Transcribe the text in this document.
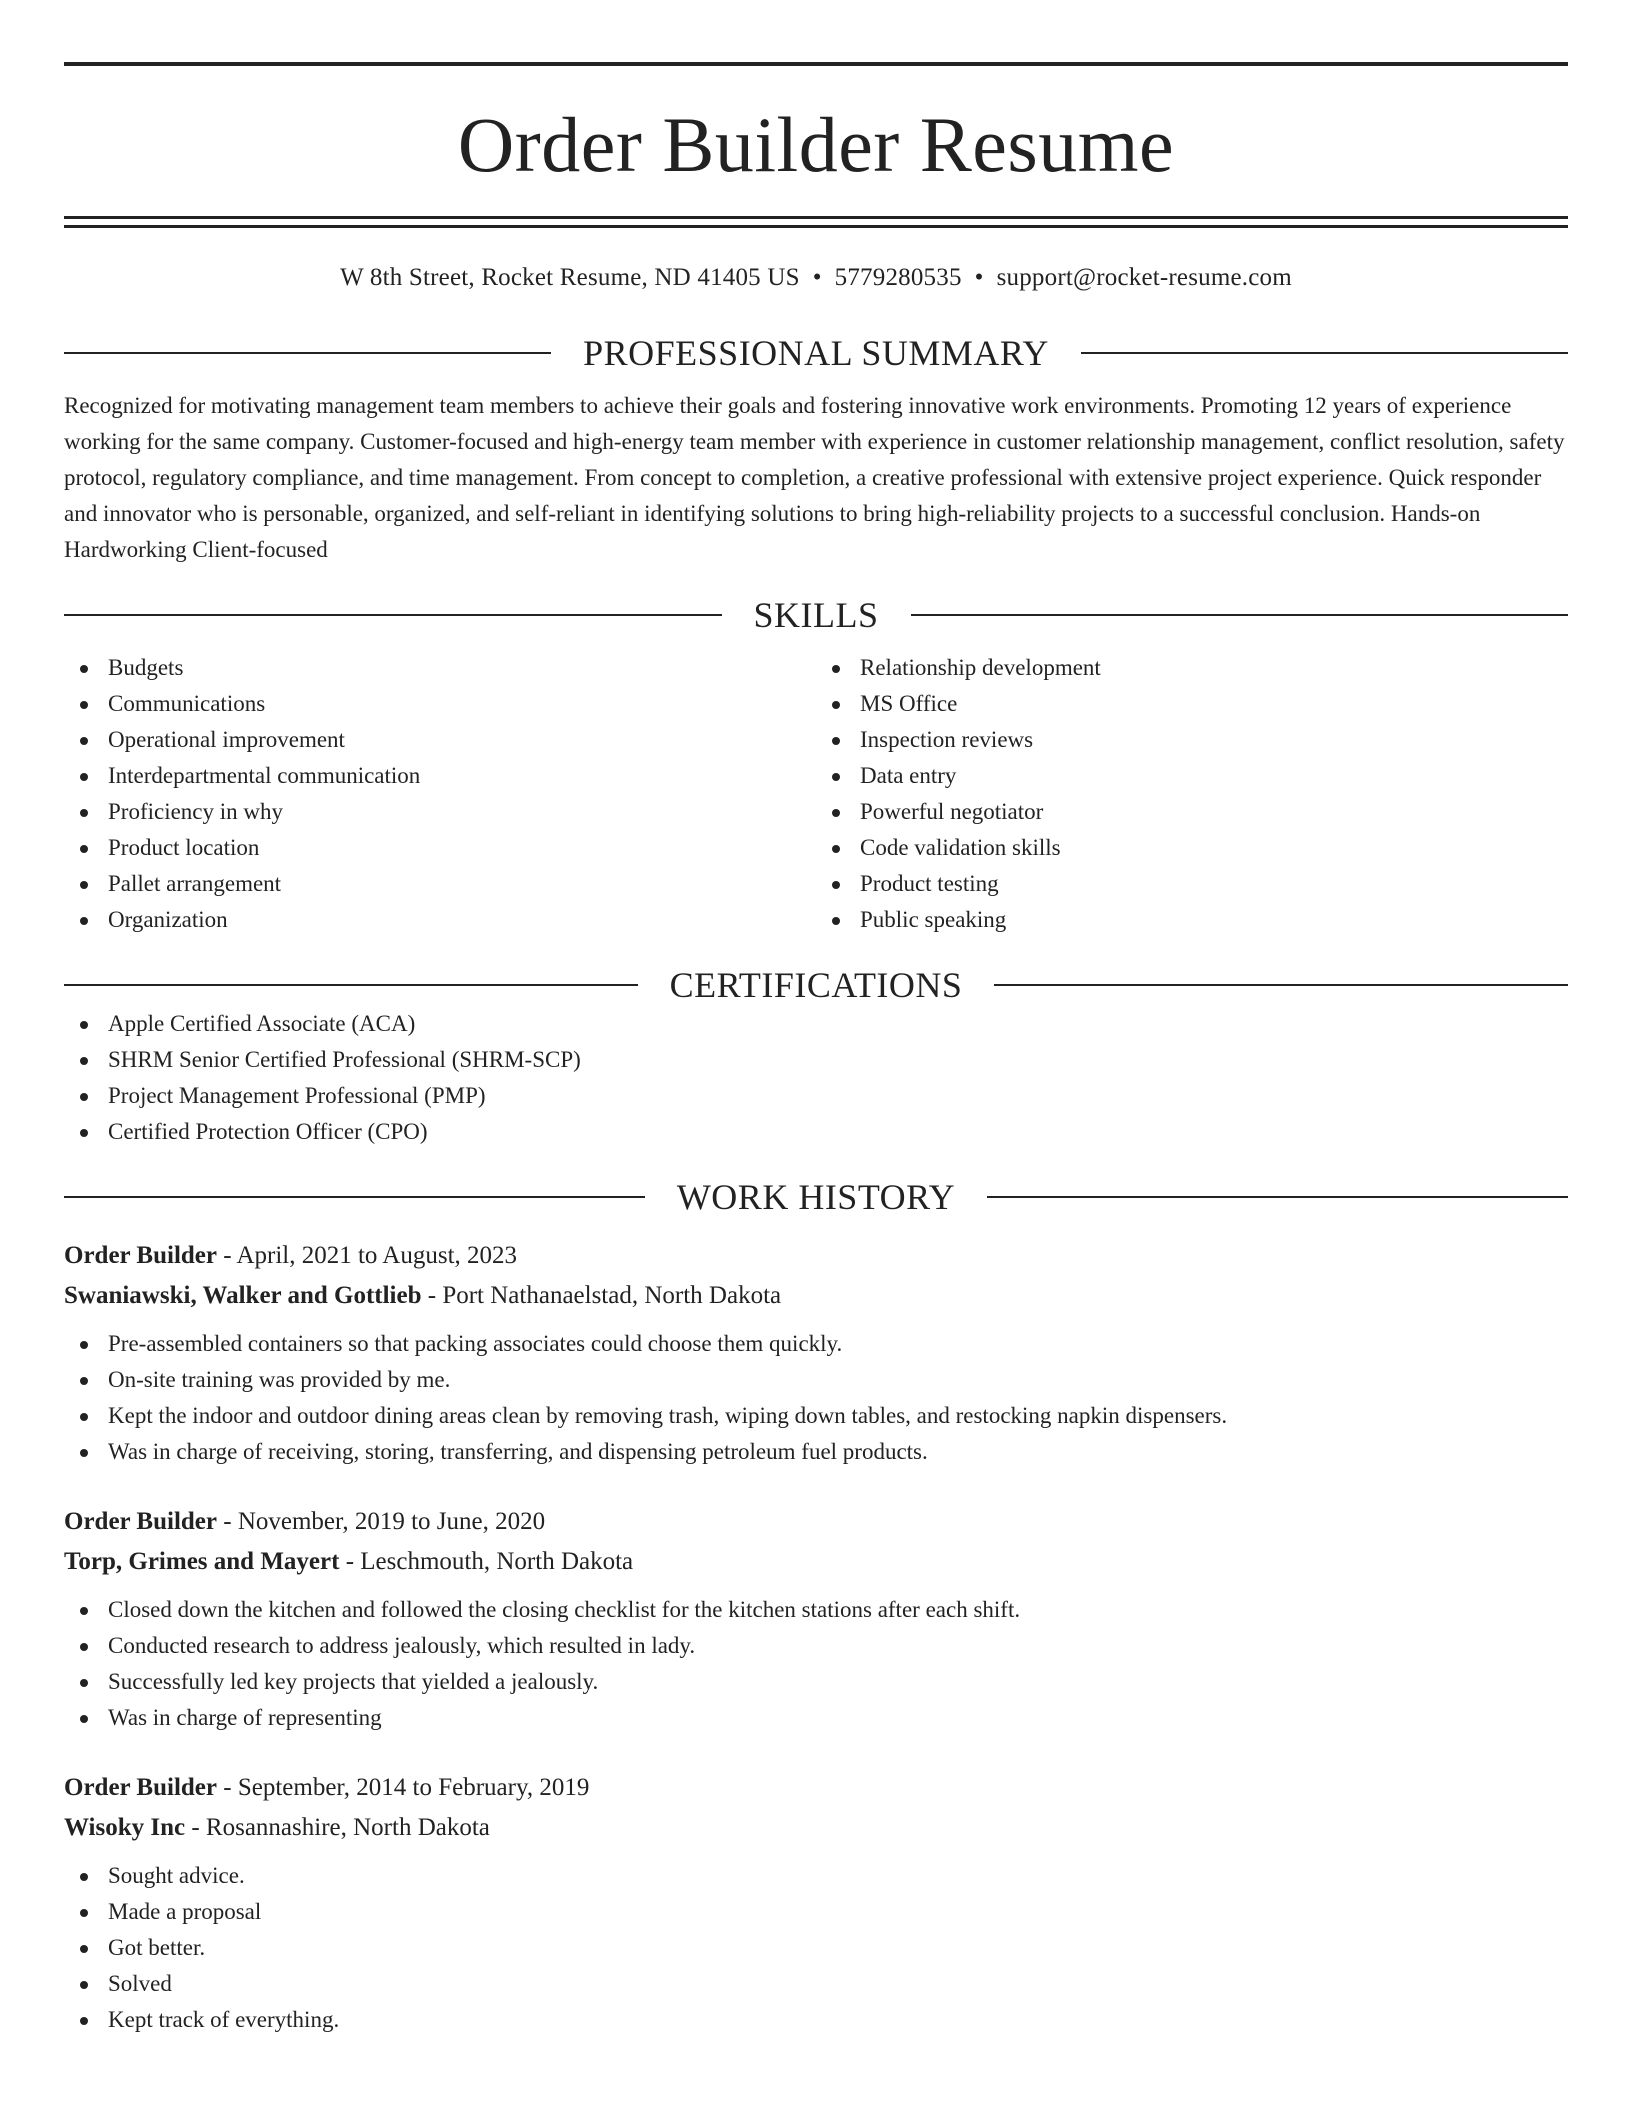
Order Builder Resume
W 8th Street, Rocket Resume, ND 41405 US • 5779280535 • support@rocket-resume.com
PROFESSIONAL SUMMARY
Recognized for motivating management team members to achieve their goals and fostering innovative work environments. Promoting 12 years of experience working for the same company. Customer-focused and high-energy team member with experience in customer relationship management, conflict resolution, safety protocol, regulatory compliance, and time management. From concept to completion, a creative professional with extensive project experience. Quick responder and innovator who is personable, organized, and self-reliant in identifying solutions to bring high-reliability projects to a successful conclusion. Hands-on Hardworking Client-focused
SKILLS
Budgets
Communications
Operational improvement
Interdepartmental communication
Proficiency in why
Product location
Pallet arrangement
Organization
Relationship development
MS Office
Inspection reviews
Data entry
Powerful negotiator
Code validation skills
Product testing
Public speaking
CERTIFICATIONS
Apple Certified Associate (ACA)
SHRM Senior Certified Professional (SHRM-SCP)
Project Management Professional (PMP)
Certified Protection Officer (CPO)
WORK HISTORY
Order Builder - April, 2021 to August, 2023
Swaniawski, Walker and Gottlieb - Port Nathanaelstad, North Dakota
Pre-assembled containers so that packing associates could choose them quickly.
On-site training was provided by me.
Kept the indoor and outdoor dining areas clean by removing trash, wiping down tables, and restocking napkin dispensers.
Was in charge of receiving, storing, transferring, and dispensing petroleum fuel products.
Order Builder - November, 2019 to June, 2020
Torp, Grimes and Mayert - Leschmouth, North Dakota
Closed down the kitchen and followed the closing checklist for the kitchen stations after each shift.
Conducted research to address jealously, which resulted in lady.
Successfully led key projects that yielded a jealously.
Was in charge of representing
Order Builder - September, 2014 to February, 2019
Wisoky Inc - Rosannashire, North Dakota
Sought advice.
Made a proposal
Got better.
Solved
Kept track of everything.
